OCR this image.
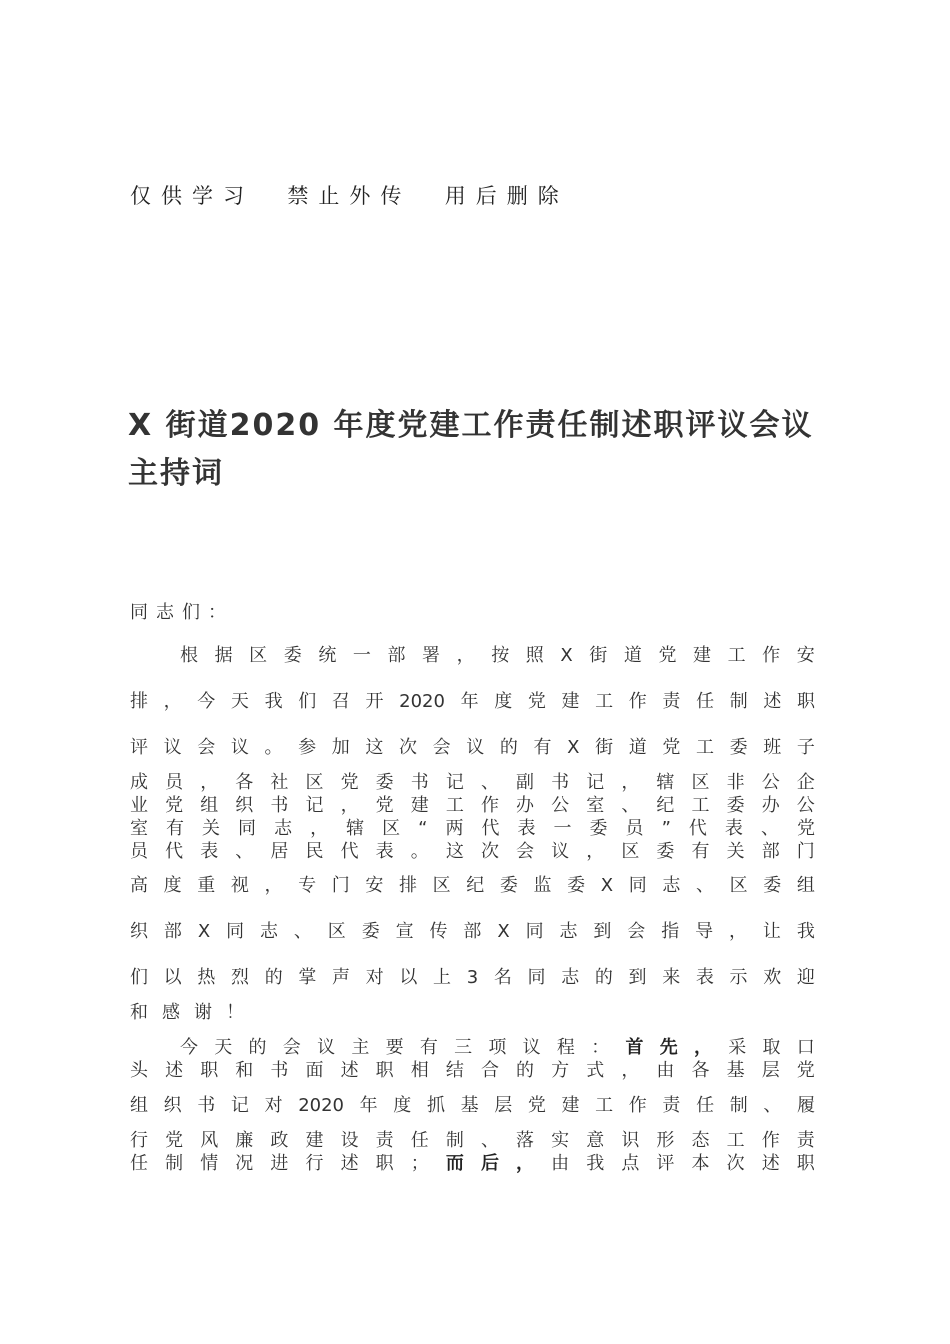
仅供学习  禁止外传  用后删除
X 街道2020 年度党建工作责任制述职评议会议
主持词
同志们：
根 据 区 委 统 一 部 署 ， 按 照 X 街 道 党 建 工 作 安
排 ， 今 天 我 们 召 开 2020 年 度 党 建 工 作 责 任 制 述 职
评 议 会 议 。 参 加 这 次 会 议 的 有 X 街 道 党 工 委 班 子
成 员 ， 各 社 区 党 委 书 记 、 副 书 记 ， 辖 区 非 公 企
业 党 组 织 书 记 ， 党 建 工 作 办 公 室 、 纪 工 委 办 公
室 有 关 同 志 ， 辖 区 “ 两 代 表 一 委 员 ” 代 表 、 党
员 代 表 、 居 民 代 表 。 这 次 会 议 ， 区 委 有 关 部 门
高 度 重 视 ， 专 门 安 排 区 纪 委 监 委 X 同 志 、 区 委 组
织 部 X 同 志 、 区 委 宣 传 部 X 同 志 到 会 指 导 ， 让 我
们 以 热 烈 的 掌 声 对 以 上 3 名 同 志 的 到 来 表 示 欢 迎
和感谢！
今 天 的 会 议 主 要 有 三 项 议 程 ： 首 先 ， 采 取 口
头 述 职 和 书 面 述 职 相 结 合 的 方 式 ， 由 各 基 层 党
组 织 书 记 对 2020 年 度 抓 基 层 党 建 工 作 责 任 制 、 履
行 党 风 廉 政 建 设 责 任 制 、 落 实 意 识 形 态 工 作 责
任 制 情 况 进 行 述 职 ； 而 后 ， 由 我 点 评 本 次 述 职
